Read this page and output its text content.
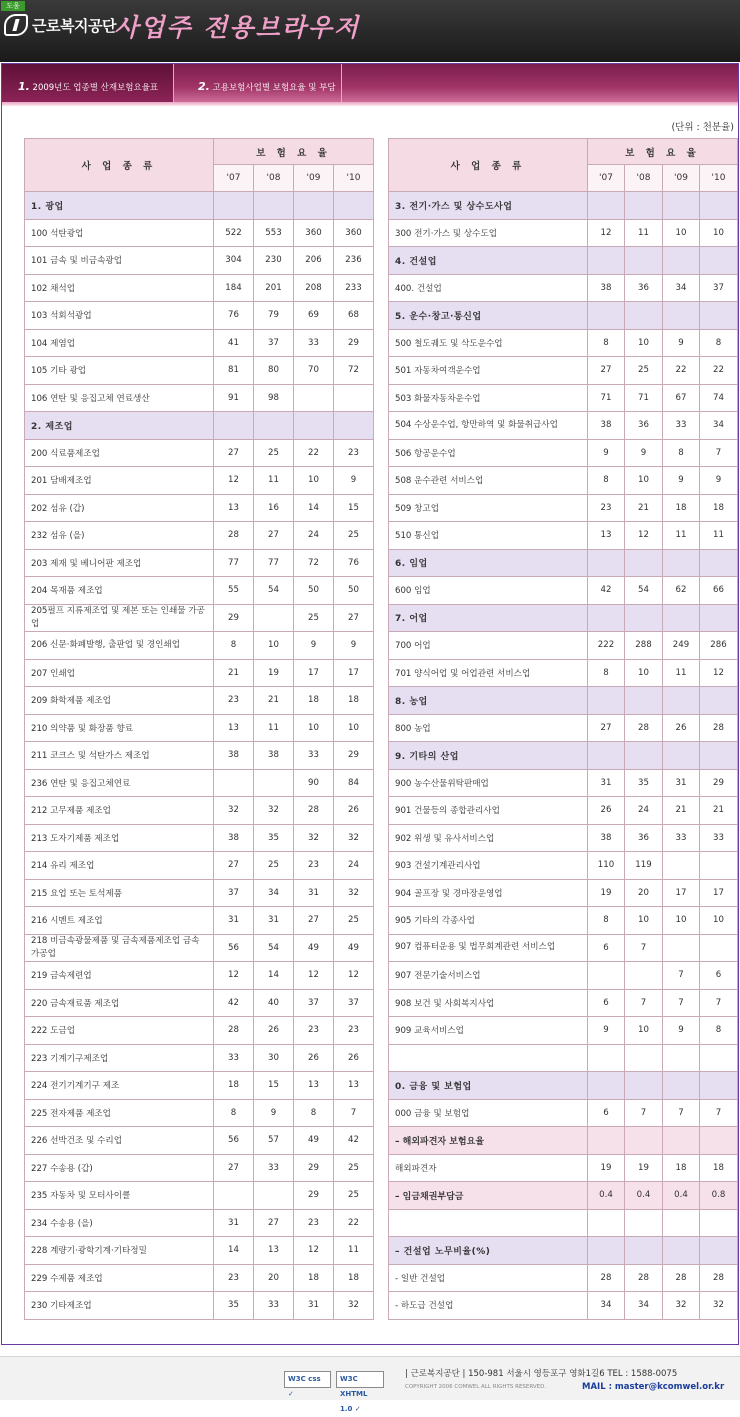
도움
근로복지공단
사업주 전용브라우저
1. 2009년도 업종별 산재보험요율표	2. 고용보험사업별 보험요율 및 부담
(단위 : 천분율)
사 업 종 류	보 험 요 율			
	'07	'08	'09	'10
1. 광업				
100 석탄광업	522	553	360	360
101 금속 및 비금속광업	304	230	206	236
102 채석업	184	201	208	233
103 석회석광업	76	79	69	68
104 제염업	41	37	33	29
105 기타 광업	81	80	70	72
106 연탄 및 응집고체 연료생산	91	98		
2. 제조업				
200 식료품제조업	27	25	22	23
201 담배제조업	12	11	10	9
202 섬유 (갑)	13	16	14	15
232 섬유 (을)	28	27	24	25
203 제재 및 베니어판 제조업	77	77	72	76
204 목재품 제조업	55	54	50	50
205펄프 지류제조업 및 제본 또는 인쇄물 가공업	29		25	27
206 신문·화폐발행, 출판업 및 경인쇄업	8	10	9	9
207 인쇄업	21	19	17	17
209 화학제품 제조업	23	21	18	18
210 의약품 및 화장품 향료	13	11	10	10
211 코크스 및 석탄가스 제조업	38	38	33	29
236 연탄 및 응집고체연료			90	84
212 고무제품 제조업	32	32	28	26
213 도자기제품 제조업	38	35	32	32
214 유리 제조업	27	25	23	24
215 요업 또는 토석제품	37	34	31	32
216 시멘트 제조업	31	31	27	25
218 비금속광물제품 및 금속제품제조업 금속가공업	56	54	49	49
219 금속제련업	12	14	12	12
220 금속재료품 제조업	42	40	37	37
222 도금업	28	26	23	23
223 기계기구제조업	33	30	26	26
224 전기기계기구 제조	18	15	13	13
225 전자제품 제조업	8	9	8	7
226 선박건조 및 수리업	56	57	49	42
227 수송용 (갑)	27	33	29	25
235 자동차 및 모터사이클			29	25
234 수송용 (을)	31	27	23	22
228 계량기·광학기계·기타정밀	14	13	12	11
229 수제품 제조업	23	20	18	18
230 기타제조업	35	33	31	32
사 업 종 류	보 험 요 율			
	'07	'08	'09	'10
3. 전기·가스 및 상수도사업				
300 전기·가스 및 상수도업	12	11	10	10
4. 건설업				
400. 건설업	38	36	34	37
5. 운수·창고·통신업				
500 철도궤도 및 삭도운수업	8	10	9	8
501 자동차여객운수업	27	25	22	22
503 화물자동차운수업	71	71	67	74
504 수상운수업, 항만하역 및 화물취급사업	38	36	33	34
506 항공운수업	9	9	8	7
508 운수관련 서비스업	8	10	9	9
509 창고업	23	21	18	18
510 통신업	13	12	11	11
6. 임업				
600 임업	42	54	62	66
7. 어업				
700 어업	222	288	249	286
701 양식어업 및 어업관련 서비스업	8	10	11	12
8. 농업				
800 농업	27	28	26	28
9. 기타의 산업				
900 농수산물위탁판매업	31	35	31	29
901 건물등의 종합관리사업	26	24	21	21
902 위생 및 유사서비스업	38	36	33	33
903 건설기계관리사업	110	119		
904 골프장 및 경마장운영업	19	20	17	17
905 기타의 각종사업	8	10	10	10
907 컴퓨터운용 및 법무회계관련 서비스업	6	7		
907 전문기술서비스업			7	6
908 보건 및 사회복지사업	6	7	7	7
909 교육서비스업	9	10	9	8

0. 금융 및 보험업				
000 금융 및 보험업	6	7	7	7
– 해외파견자 보험요율				
해외파견자	19	19	18	18
– 임금채권부담금	0.4	0.4	0.4	0.8

– 건설업 노무비율(%)				
- 일반 건설업	28	28	28	28
- 하도급 건설업	34	34	32	32
W3C css ✓
W3C XHTML 1.0 ✓
| 근로복지공단 | 150-981 서울시 영등포구 영화1길6 TEL : 1588-0075
COPYRIGHT 2006 COMWEL ALL RIGHTS RESERVED.	MAIL : master@kcomwel.or.kr
